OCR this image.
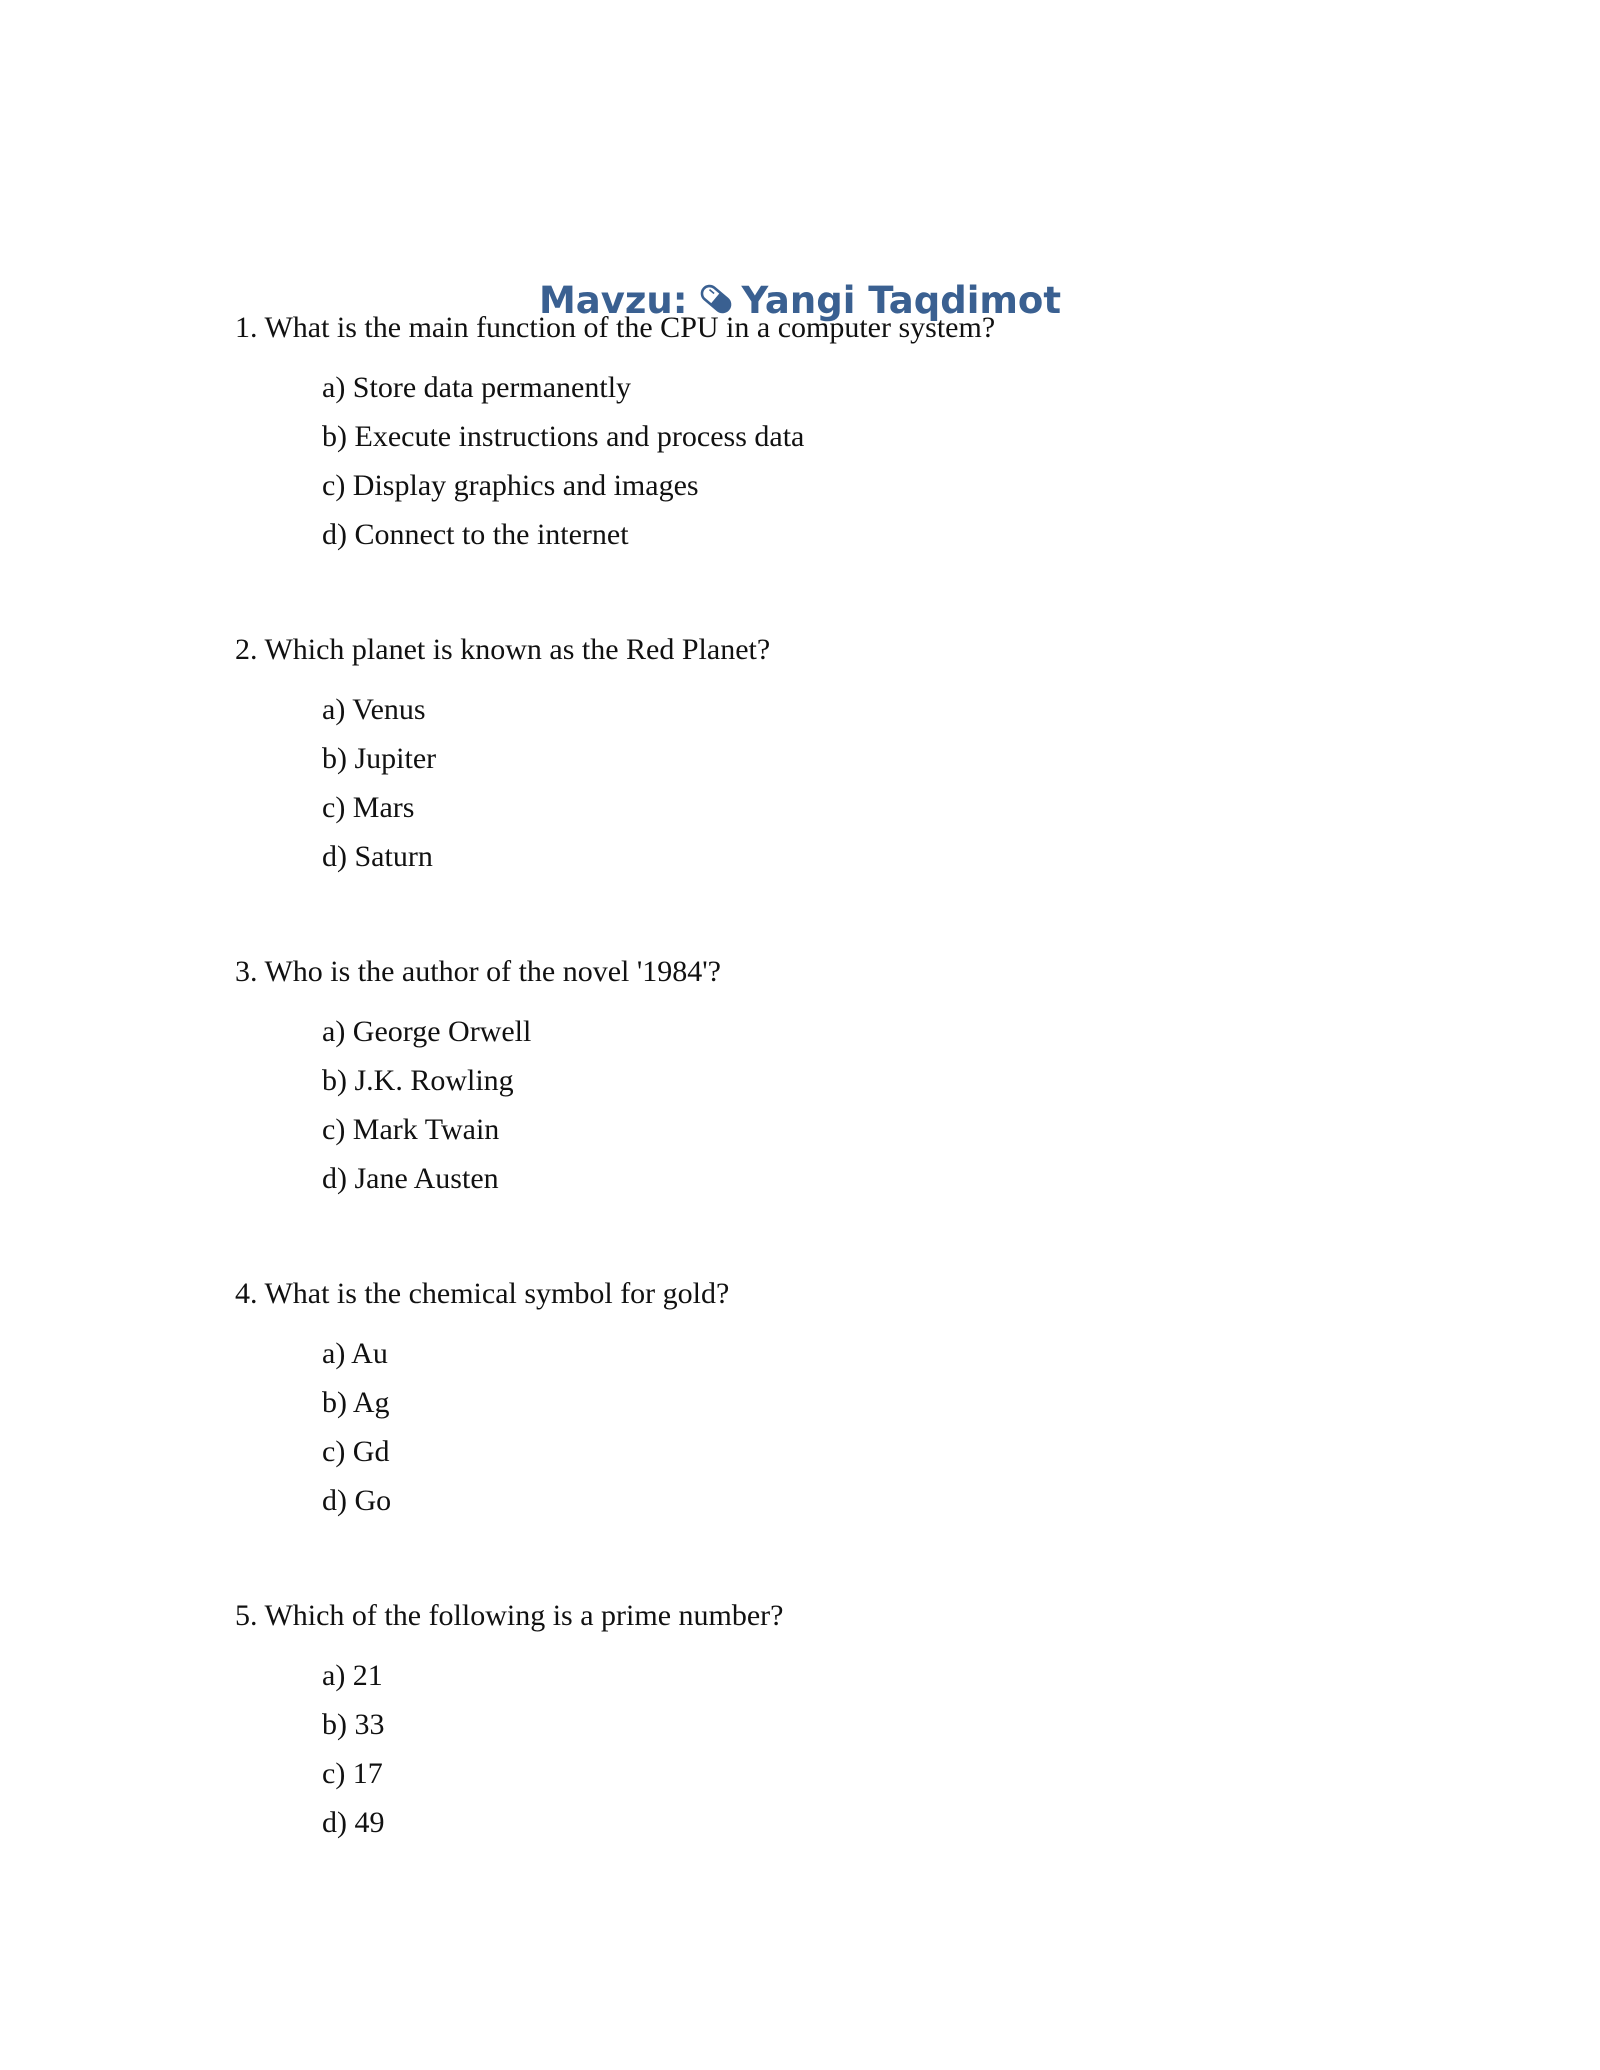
Mavzu: Yangi Taqdimot
1. What is the main function of the CPU in a computer system?
a) Store data permanently
b) Execute instructions and process data
c) Display graphics and images
d) Connect to the internet
2. Which planet is known as the Red Planet?
a) Venus
b) Jupiter
c) Mars
d) Saturn
3. Who is the author of the novel '1984'?
a) George Orwell
b) J.K. Rowling
c) Mark Twain
d) Jane Austen
4. What is the chemical symbol for gold?
a) Au
b) Ag
c) Gd
d) Go
5. Which of the following is a prime number?
a) 21
b) 33
c) 17
d) 49
